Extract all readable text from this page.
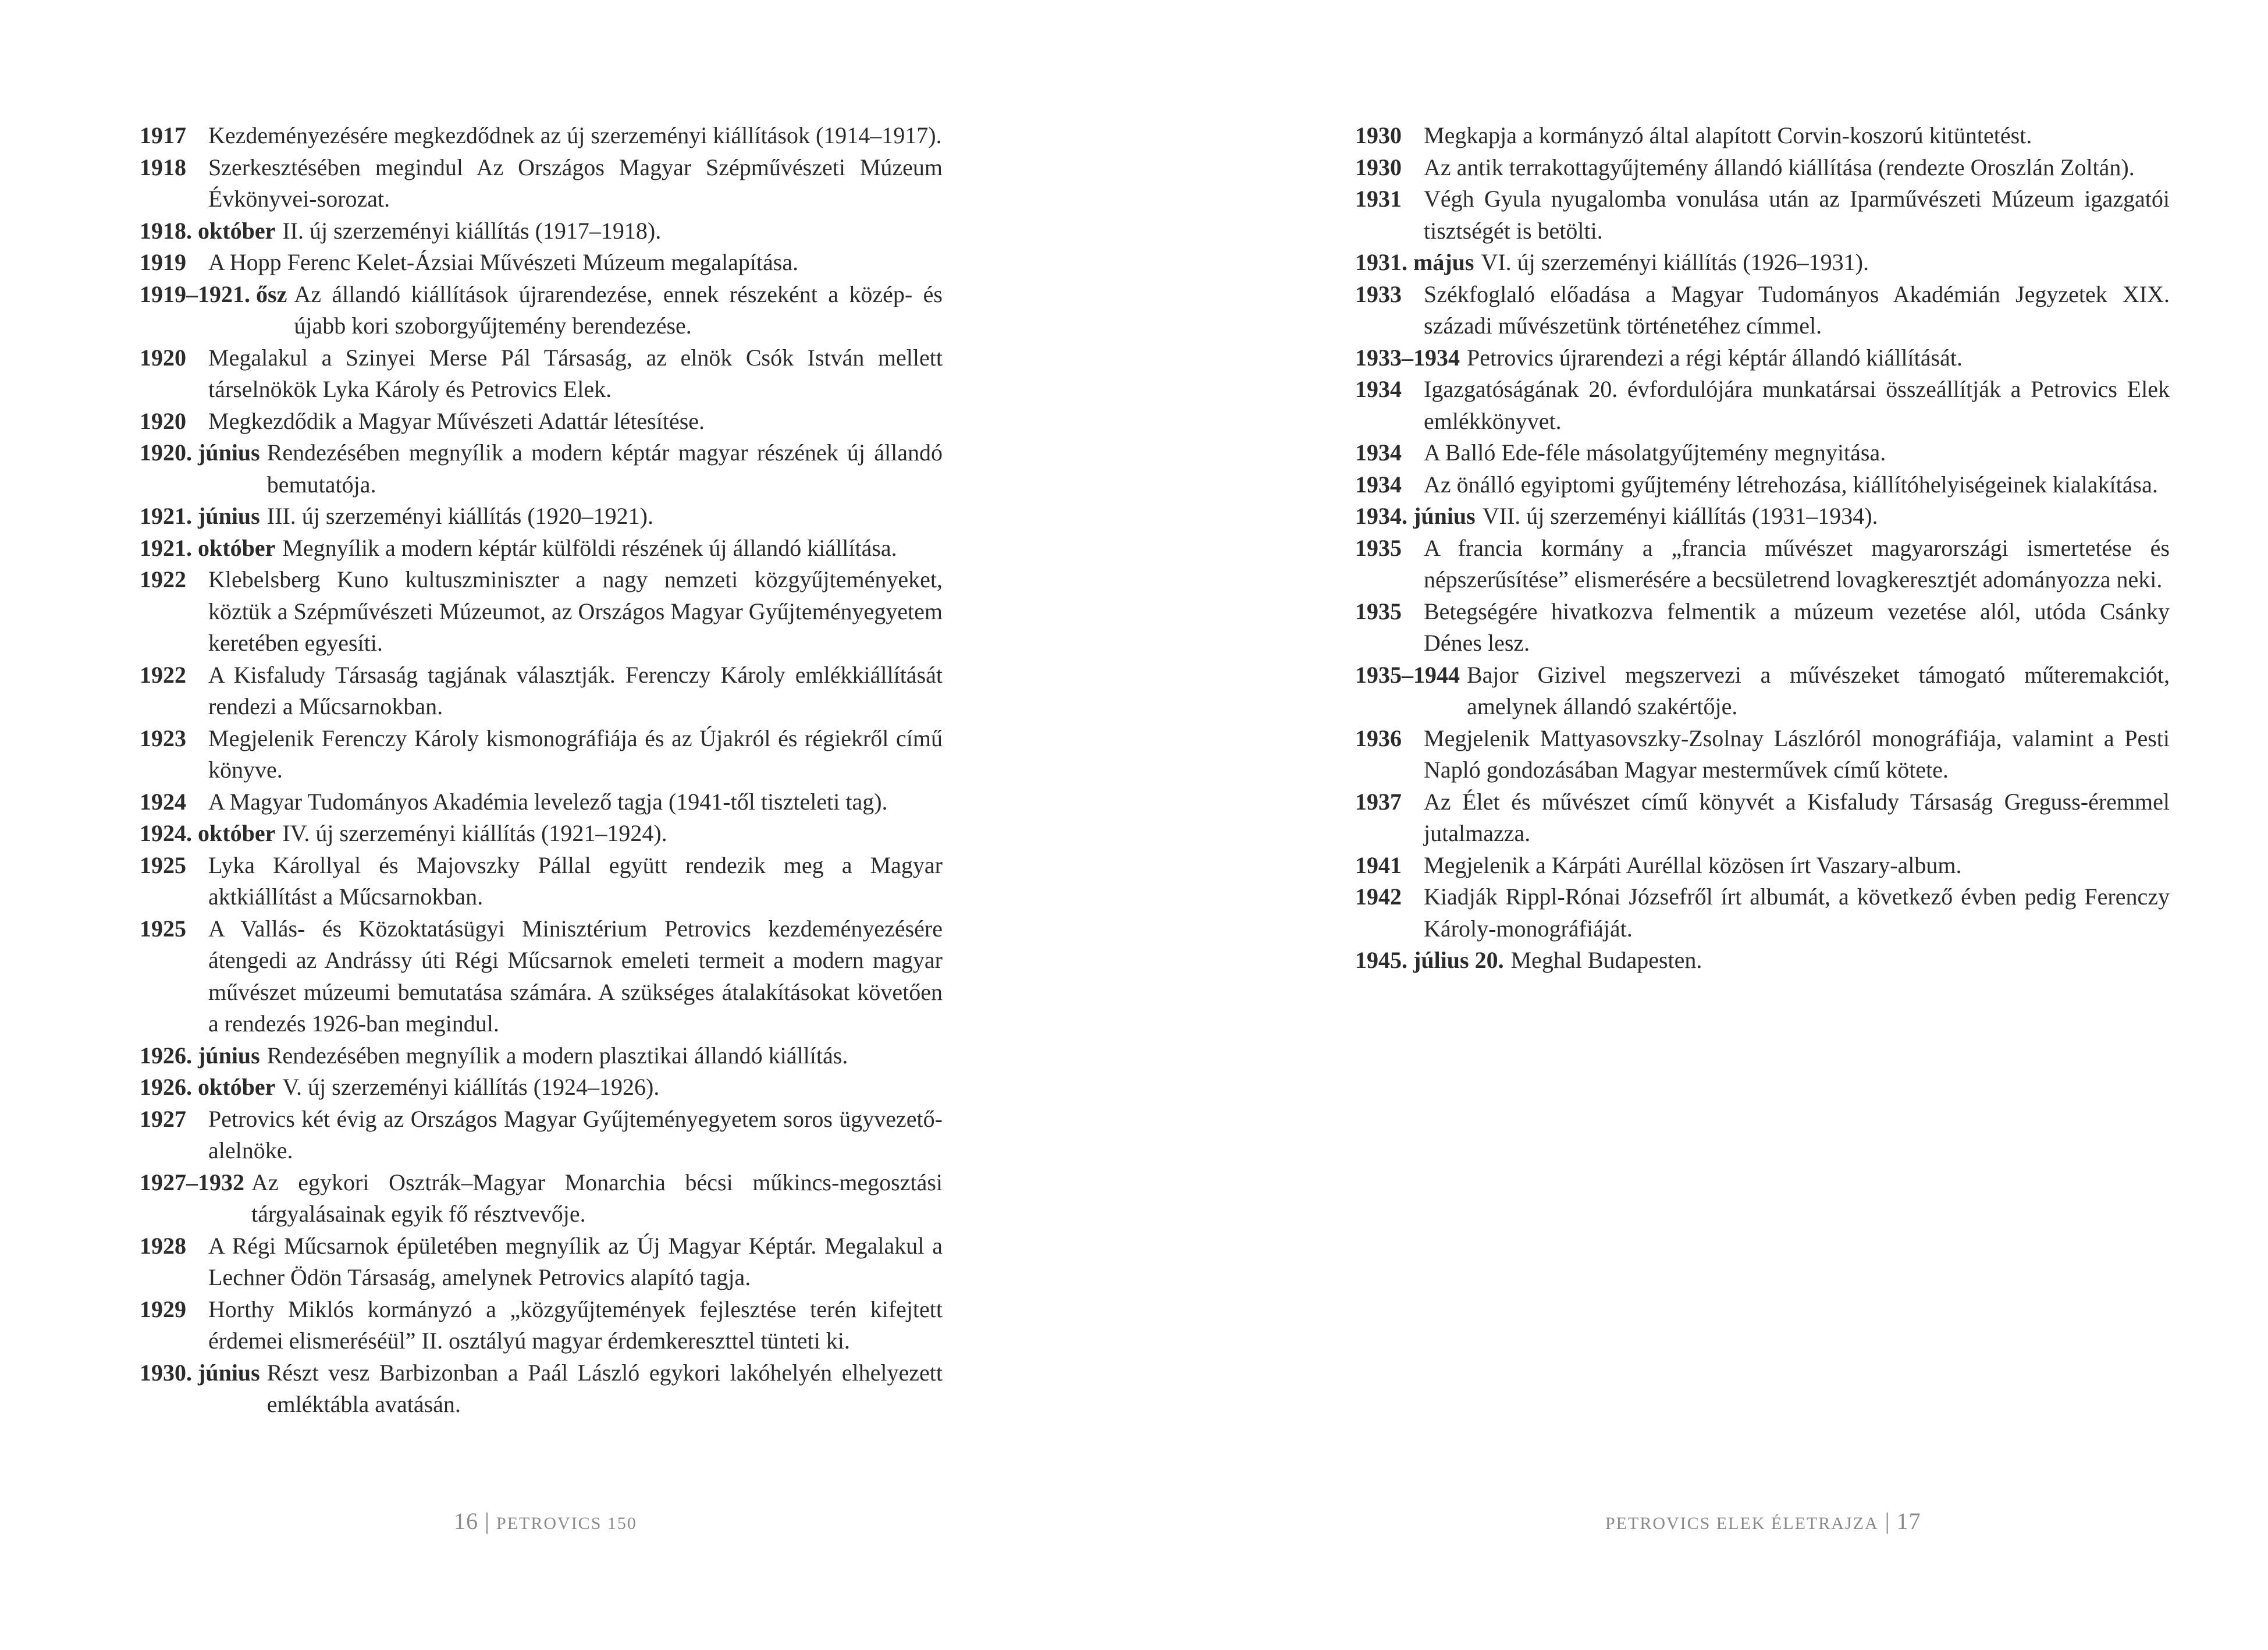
1917 Kezdeményezésére megkezdődnek az új szerzeményi kiállítások (1914–1917).
1918 Szerkesztésében megindul Az Országos Magyar Szépművészeti Múzeum Évkönyvei-sorozat.
1918. október II. új szerzeményi kiállítás (1917–1918).
1919 A Hopp Ferenc Kelet-Ázsiai Művészeti Múzeum megalapítása.
1919–1921. ősz Az állandó kiállítások újrarendezése, ennek részeként a közép- és újabb kori szoborgyűjtemény berendezése.
1920 Megalakul a Szinyei Merse Pál Társaság, az elnök Csók István mellett társelnökök Lyka Károly és Petrovics Elek.
1920 Megkezdődik a Magyar Művészeti Adattár létesítése.
1920. június Rendezésében megnyílik a modern képtár magyar részének új állandó bemutatója.
1921. június III. új szerzeményi kiállítás (1920–1921).
1921. október Megnyílik a modern képtár külföldi részének új állandó kiállítása.
1922 Klebelsberg Kuno kultuszminiszter a nagy nemzeti közgyűjteményeket, köztük a Szépművészeti Múzeumot, az Országos Magyar Gyűjteményegyetem keretében egyesíti.
1922 A Kisfaludy Társaság tagjának választják. Ferenczy Károly emlékkiállítását rendezi a Műcsarnokban.
1923 Megjelenik Ferenczy Károly kismonográfiája és az Újakról és régiekről című könyve.
1924 A Magyar Tudományos Akadémia levelező tagja (1941-től tiszteleti tag).
1924. október IV. új szerzeményi kiállítás (1921–1924).
1925 Lyka Károllyal és Majovszky Pállal együtt rendezik meg a Magyar aktkiállítást a Műcsarnokban.
1925 A Vallás- és Közoktatásügyi Minisztérium Petrovics kezdeményezésére átengedi az Andrássy úti Régi Műcsarnok emeleti termeit a modern magyar művészet múzeumi bemutatása számára. A szükséges átalakításokat követően a rendezés 1926-ban megindul.
1926. június Rendezésében megnyílik a modern plasztikai állandó kiállítás.
1926. október V. új szerzeményi kiállítás (1924–1926).
1927 Petrovics két évig az Országos Magyar Gyűjteményegyetem soros ügyvezető-alelnöke.
1927–1932 Az egykori Osztrák–Magyar Monarchia bécsi műkincs-megosztási tárgyalásainak egyik fő résztvevője.
1928 A Régi Műcsarnok épületében megnyílik az Új Magyar Képtár. Megalakul a Lechner Ödön Társaság, amelynek Petrovics alapító tagja.
1929 Horthy Miklós kormányzó a „közgyűjtemények fejlesztése terén kifejtett érdemei elismeréséül” II. osztályú magyar érdemkereszttel tünteti ki.
1930. június Részt vesz Barbizonban a Paál László egykori lakóhelyén elhelyezett emléktábla avatásán.
16 | PETROVICS 150
1930 Megkapja a kormányzó által alapított Corvin-koszorú kitüntetést.
1930 Az antik terrakottagyűjtemény állandó kiállítása (rendezte Oroszlán Zoltán).
1931 Végh Gyula nyugalomba vonulása után az Iparművészeti Múzeum igazgatói tisztségét is betölti.
1931. május VI. új szerzeményi kiállítás (1926–1931).
1933 Székfoglaló előadása a Magyar Tudományos Akadémián Jegyzetek XIX. századi művészetünk történetéhez címmel.
1933–1934 Petrovics újrarendezi a régi képtár állandó kiállítását.
1934 Igazgatóságának 20. évfordulójára munkatársai összeállítják a Petrovics Elek emlékkönyvet.
1934 A Balló Ede-féle másolatgyűjtemény megnyitása.
1934 Az önálló egyiptomi gyűjtemény létrehozása, kiállítóhelyiségeinek kialakítása.
1934. június VII. új szerzeményi kiállítás (1931–1934).
1935 A francia kormány a „francia művészet magyarországi ismertetése és népszerűsítése” elismerésére a becsületrend lovagkeresztjét adományozza neki.
1935 Betegségére hivatkozva felmentik a múzeum vezetése alól, utóda Csánky Dénes lesz.
1935–1944 Bajor Gizivel megszervezi a művészeket támogató műteremakciót, amelynek állandó szakértője.
1936 Megjelenik Mattyasovszky-Zsolnay Lászlóról monográfiája, valamint a Pesti Napló gondozásában Magyar mesterművek című kötete.
1937 Az Élet és művészet című könyvét a Kisfaludy Társaság Greguss-éremmel jutalmazza.
1941 Megjelenik a Kárpáti Auréllal közösen írt Vaszary-album.
1942 Kiadják Rippl-Rónai Józsefről írt albumát, a következő évben pedig Ferenczy Károly-monográfiáját.
1945. július 20. Meghal Budapesten.
PETROVICS ELEK ÉLETRAJZA | 17
